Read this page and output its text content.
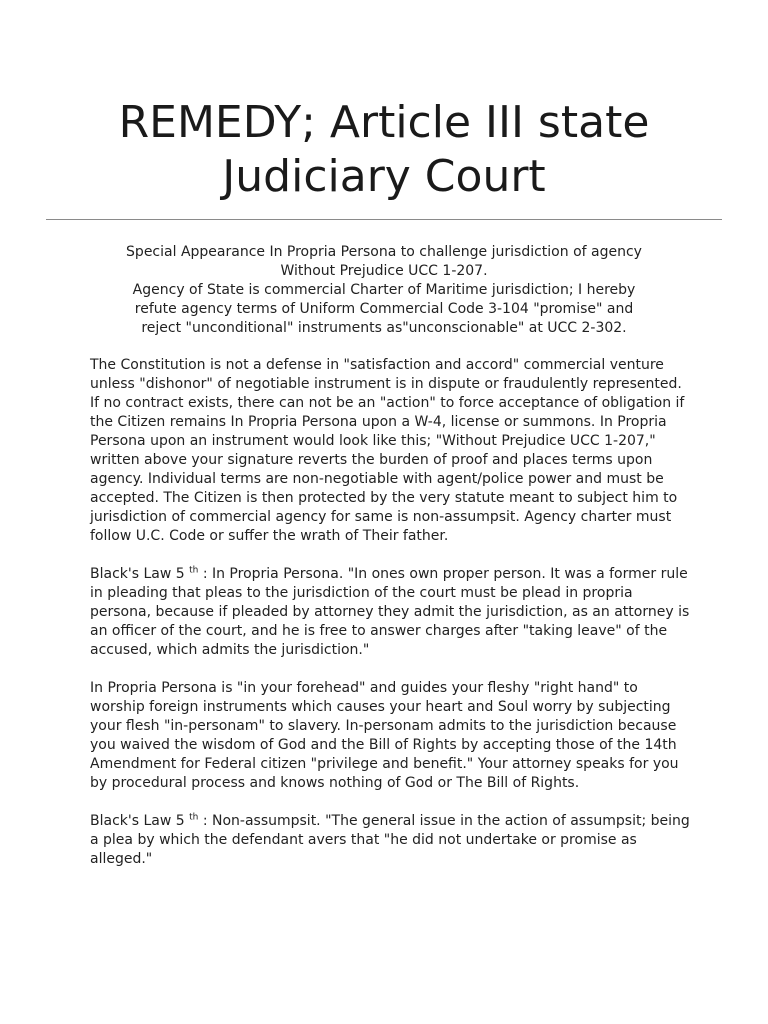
REMEDY; Article III state
Judiciary Court
Special Appearance In Propria Persona to challenge jurisdiction of agency
Without Prejudice UCC 1-207.
Agency of State is commercial Charter of Maritime jurisdiction; I hereby
refute agency terms of Uniform Commercial Code 3-104 "promise" and
reject "unconditional" instruments as"unconscionable" at UCC 2-302.

The Constitution is not a defense in "satisfaction and accord" commercial venture unless "dishonor" of negotiable instrument is in dispute or fraudulently represented. If no contract exists, there can not be an "action" to force acceptance of obligation if the Citizen remains In Propria Persona upon a W-4, license or summons. In Propria Persona upon an instrument would look like this; "Without Prejudice UCC 1-207," written above your signature reverts the burden of proof and places terms upon agency. Individual terms are non-negotiable with agent/police power and must be accepted. The Citizen is then protected by the very statute meant to subject him to jurisdiction of commercial agency for same is non-assumpsit. Agency charter must follow U.C. Code or suffer the wrath of Their father.

Black's Law 5 $^{th}$ : In Propria Persona. "In ones own proper person. It was a former rule in pleading that pleas to the jurisdiction of the court must be plead in propria persona, because if pleaded by attorney they admit the jurisdiction, as an attorney is an officer of the court, and he is free to answer charges after "taking leave" of the accused, which admits the jurisdiction."

In Propria Persona is "in your forehead" and guides your fleshy "right hand" to worship foreign instruments which causes your heart and Soul worry by subjecting your flesh "in-personam" to slavery. In-personam admits to the jurisdiction because you waived the wisdom of God and the Bill of Rights by accepting those of the 14th Amendment for Federal citizen "privilege and benefit." Your attorney speaks for you by procedural process and knows nothing of God or The Bill of Rights.

Black's Law 5 $^{th}$ : Non-assumpsit. "The general issue in the action of assumpsit; being a plea by which the defendant avers that "he did not undertake or promise as alleged."
